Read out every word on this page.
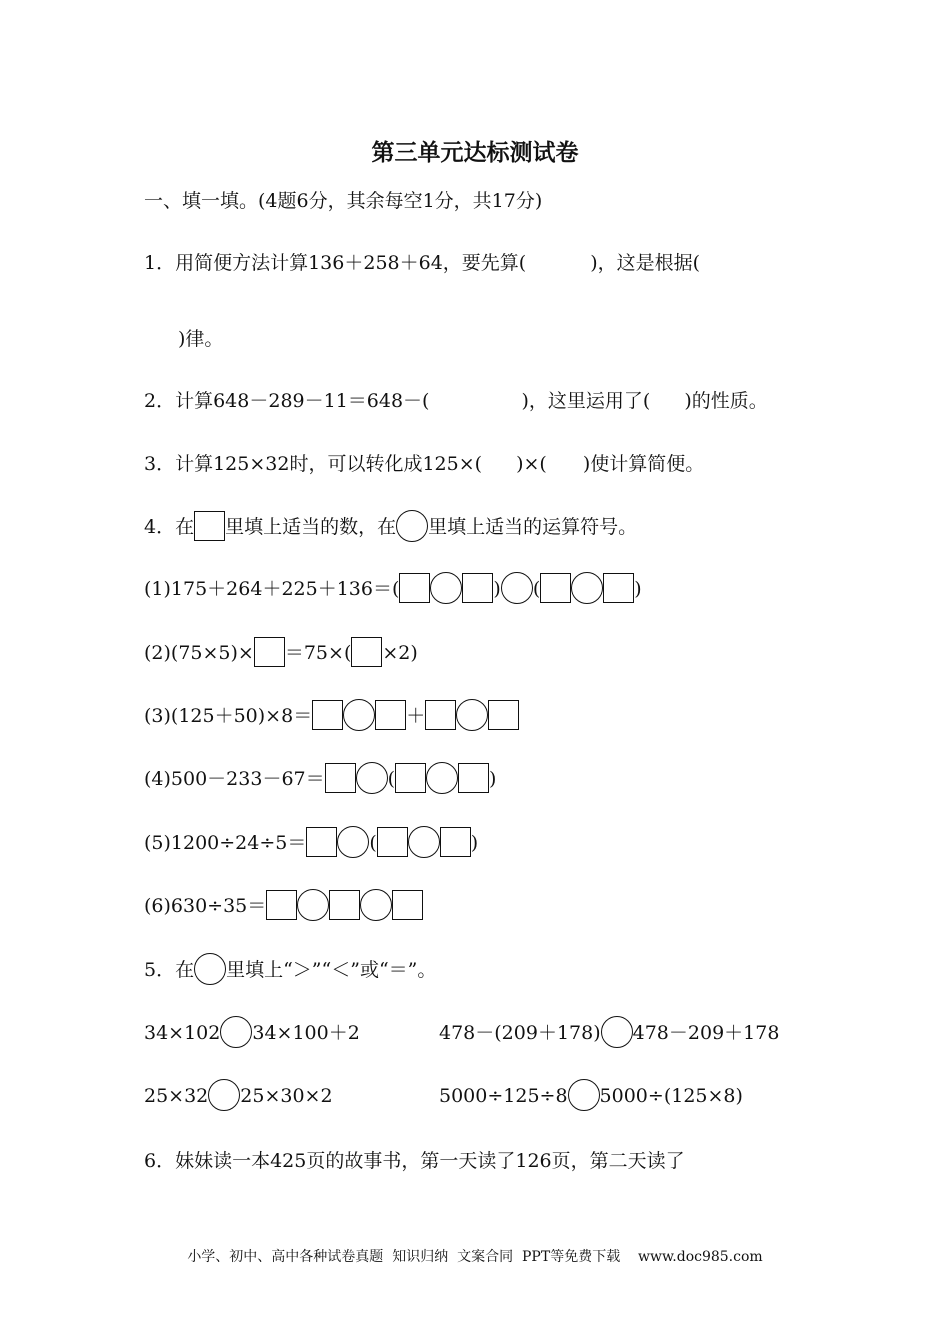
第三单元达标测试卷
一、填一填。(4题6分，其余每空1分，共17分)
1．用简便方法计算136＋258＋64，要先算(	)，这是根据(
)律。
2．计算648－289－11＝648－(	)，这里运用了( )的性质。
3．计算125×32时，可以转化成125×( )×( )使计算简便。
4．在 里填上适当的数，在 里填上适当的运算符号。
(1)175＋264＋225＋136＝(	) (	)
(2)(75×5)× ＝75×( ×2)
(3)(125＋50)×8＝	＋
(4)500－233－67＝	(	)
(5)1200÷24÷5＝	(	)
(6)630÷35＝
5．在 里填上“＞”“＜”或“＝”。
34×102 34×100＋2	478－(209＋178) 478－209＋178
25×32 25×30×2	5000÷125÷8 5000÷(125×8)
6．妹妹读一本425页的故事书，第一天读了126页，第二天读了
小学、初中、高中各种试卷真题  知识归纳  文案合同  PPT等免费下载    www.doc985.com
